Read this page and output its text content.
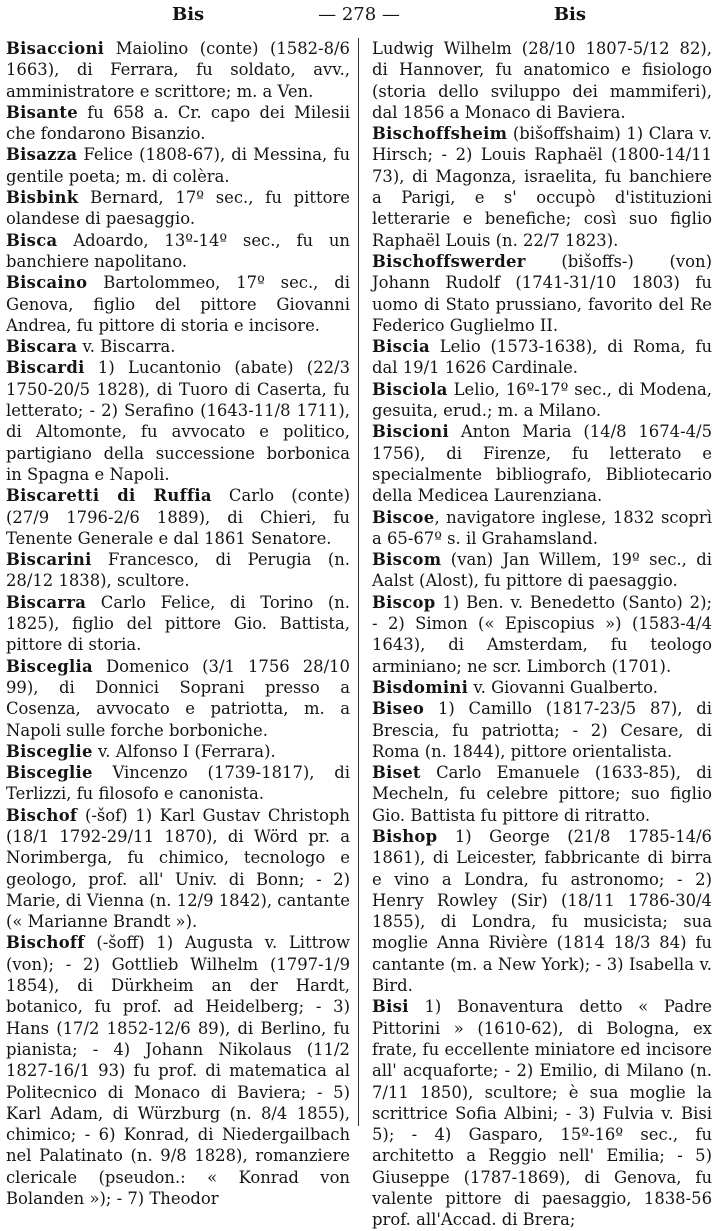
Bis	— 278 —	Bis

Bisaccioni Maiolino (conte) (1582-8/6 1663), di Ferrara, fu soldato, avv., amministratore e scrittore; m. a Ven.

Bisante fu 658 a. Cr. capo dei Milesii che fondarono Bisanzio.

Bisazza Felice (1808-67), di Messina, fu gentile poeta; m. di colèra.

Bisbink Bernard, 17º sec., fu pittore olandese di paesaggio.

Bisca Adoardo, 13º-14º sec., fu un banchiere napolitano.

Biscaino Bartolommeo, 17º sec., di Genova, figlio del pittore Giovanni Andrea, fu pittore di storia e incisore.

Biscara v. Biscarra.

Biscardi 1) Lucantonio (abate) (22/3 1750-20/5 1828), di Tuoro di Caserta, fu letterato; - 2) Serafino (1643-11/8 1711), di Altomonte, fu avvocato e politico, partigiano della successione borbonica in Spagna e Napoli.

Biscaretti di Ruffia Carlo (conte) (27/9 1796-2/6 1889), di Chieri, fu Tenente Generale e dal 1861 Senatore.

Biscarini Francesco, di Perugia (n. 28/12 1838), scultore.

Biscarra Carlo Felice, di Torino (n. 1825), figlio del pittore Gio. Battista, pittore di storia.

Bisceglia Domenico (3/1 1756 28/10 99), di Donnici Soprani presso a Cosenza, avvocato e patriotta, m. a Napoli sulle forche borboniche.

Bisceglie v. Alfonso I (Ferrara).

Bisceglie Vincenzo (1739-1817), di Terlizzi, fu filosofo e canonista.

Bischof (-šof) 1) Karl Gustav Christoph (18/1 1792-29/11 1870), di Wörd pr. a Norimberga, fu chimico, tecnologo e geologo, prof. all' Univ. di Bonn; - 2) Marie, di Vienna (n. 12/9 1842), cantante (« Marianne Brandt »).

Bischoff (-šoff) 1) Augusta v. Littrow (von); - 2) Gottlieb Wilhelm (1797-1/9 1854), di Dürkheim an der Hardt, botanico, fu prof. ad Heidelberg; - 3) Hans (17/2 1852-12/6 89), di Berlino, fu pianista; - 4) Johann Nikolaus (11/2 1827-16/1 93) fu prof. di matematica al Politecnico di Monaco di Baviera; - 5) Karl Adam, di Würzburg (n. 8/4 1855), chimico; - 6) Konrad, di Niedergailbach nel Palatinato (n. 9/8 1828), romanziere clericale (pseudon.: « Konrad von Bolanden »); - 7) Theodor

Ludwig Wilhelm (28/10 1807-5/12 82), di Hannover, fu anatomico e fisiologo (storia dello sviluppo dei mammiferi), dal 1856 a Monaco di Baviera.

Bischoffsheim (bišoffshaim) 1) Clara v. Hirsch; - 2) Louis Raphaël (1800-14/11 73), di Magonza, israelita, fu banchiere a Parigi, e s' occupò d'istituzioni letterarie e benefiche; così suo figlio Raphaël Louis (n. 22/7 1823).

Bischoffswerder (bišoffs-) (von) Johann Rudolf (1741-31/10 1803) fu uomo di Stato prussiano, favorito del Re Federico Guglielmo II.

Biscia Lelio (1573-1638), di Roma, fu dal 19/1 1626 Cardinale.

Bisciola Lelio, 16º-17º sec., di Modena, gesuita, erud.; m. a Milano.

Biscioni Anton Maria (14/8 1674-4/5 1756), di Firenze, fu letterato e specialmente bibliografo, Bibliotecario della Medicea Laurenziana.

Biscoe, navigatore inglese, 1832 scoprì a 65-67º s. il Grahamsland.

Biscom (van) Jan Willem, 19º sec., di Aalst (Alost), fu pittore di paesaggio.

Biscop 1) Ben. v. Benedetto (Santo) 2); - 2) Simon (« Episcopius ») (1583-4/4 1643), di Amsterdam, fu teologo arminiano; ne scr. Limborch (1701).

Bisdomini v. Giovanni Gualberto.

Biseo 1) Camillo (1817-23/5 87), di Brescia, fu patriotta; - 2) Cesare, di Roma (n. 1844), pittore orientalista.

Biset Carlo Emanuele (1633-85), di Mecheln, fu celebre pittore; suo figlio Gio. Battista fu pittore di ritratto.

Bishop 1) George (21/8 1785-14/6 1861), di Leicester, fabbricante di birra e vino a Londra, fu astronomo; - 2) Henry Rowley (Sir) (18/11 1786-30/4 1855), di Londra, fu musicista; sua moglie Anna Rivière (1814 18/3 84) fu cantante (m. a New York); - 3) Isabella v. Bird.

Bisi 1) Bonaventura detto « Padre Pittorini » (1610-62), di Bologna, ex frate, fu eccellente miniatore ed incisore all' acquaforte; - 2) Emilio, di Milano (n. 7/11 1850), scultore; è sua moglie la scrittrice Sofia Albini; - 3) Fulvia v. Bisi 5); - 4) Gasparo, 15º-16º sec., fu architetto a Reggio nell' Emilia; - 5) Giuseppe (1787-1869), di Genova, fu valente pittore di paesaggio, 1838-56 prof. all'Accad. di Brera;
